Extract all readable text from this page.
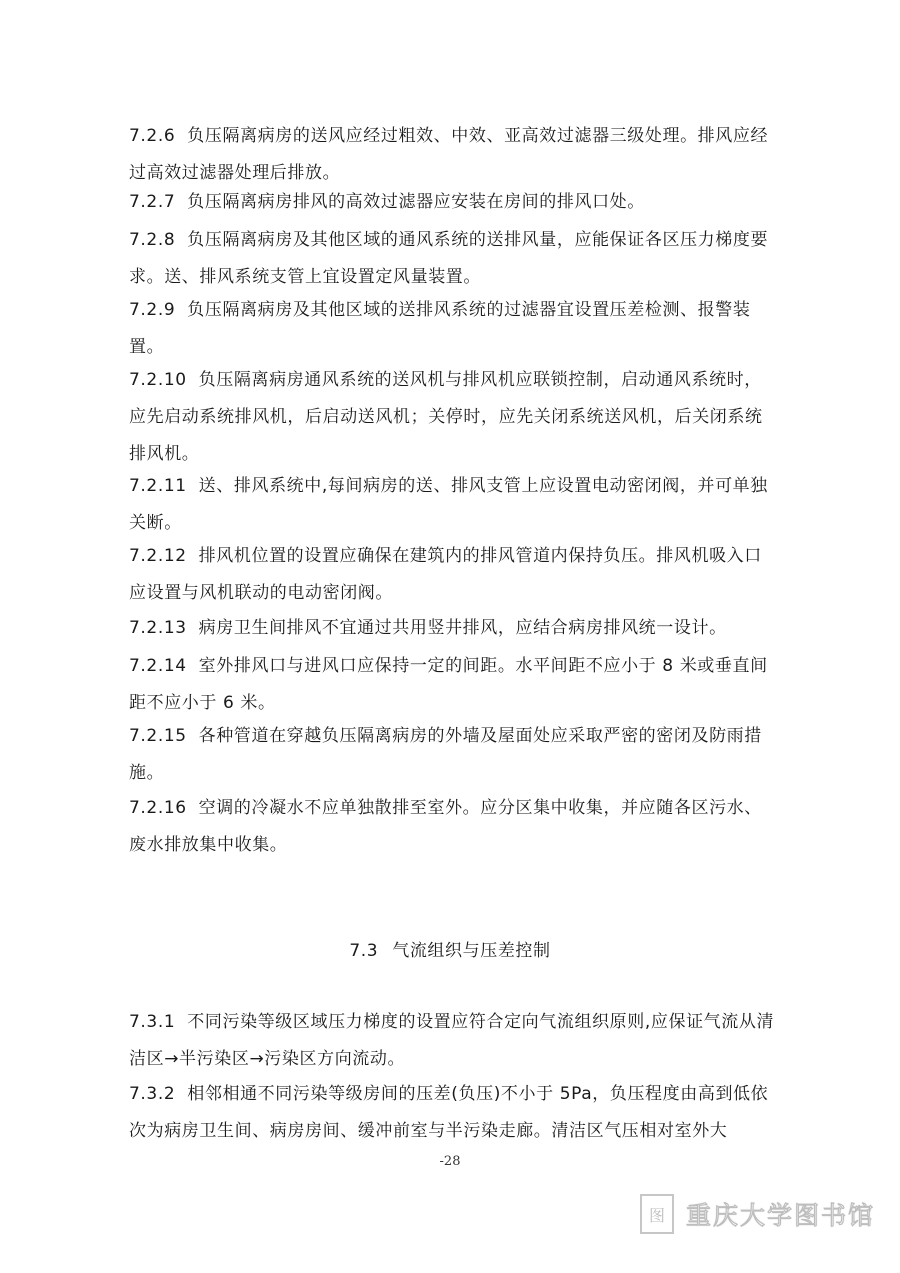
7.2.6 负压隔离病房的送风应经过粗效、中效、亚高效过滤器三级处理。排风应经过高效过滤器处理后排放。
7.2.7 负压隔离病房排风的高效过滤器应安装在房间的排风口处。
7.2.8 负压隔离病房及其他区域的通风系统的送排风量，应能保证各区压力梯度要求。送、排风系统支管上宜设置定风量装置。
7.2.9 负压隔离病房及其他区域的送排风系统的过滤器宜设置压差检测、报警装置。
7.2.10 负压隔离病房通风系统的送风机与排风机应联锁控制，启动通风系统时，应先启动系统排风机，后启动送风机；关停时，应先关闭系统送风机，后关闭系统排风机。
7.2.11 送、排风系统中,每间病房的送、排风支管上应设置电动密闭阀，并可单独关断。
7.2.12 排风机位置的设置应确保在建筑内的排风管道内保持负压。排风机吸入口应设置与风机联动的电动密闭阀。
7.2.13 病房卫生间排风不宜通过共用竖井排风，应结合病房排风统一设计。
7.2.14 室外排风口与进风口应保持一定的间距。水平间距不应小于 8 米或垂直间距不应小于 6 米。
7.2.15 各种管道在穿越负压隔离病房的外墙及屋面处应采取严密的密闭及防雨措施。
7.2.16 空调的冷凝水不应单独散排至室外。应分区集中收集，并应随各区污水、废水排放集中收集。
7.3 气流组织与压差控制
7.3.1 不同污染等级区域压力梯度的设置应符合定向气流组织原则,应保证气流从清洁区→半污染区→污染区方向流动。
7.3.2 相邻相通不同污染等级房间的压差(负压)不小于 5Pa，负压程度由高到低依次为病房卫生间、病房房间、缓冲前室与半污染走廊。清洁区气压相对室外大
-28
图 重庆大学图书馆
